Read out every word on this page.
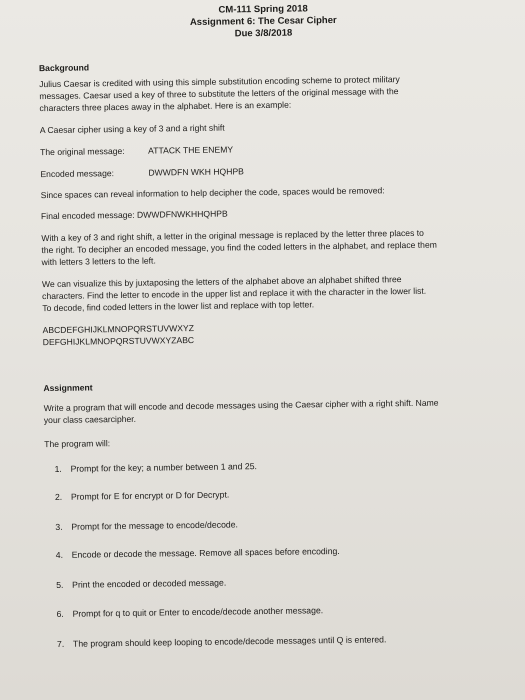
CM-111 Spring 2018
Assignment 6: The Cesar Cipher
Due 3/8/2018
Background
Julius Caesar is credited with using this simple substitution encoding scheme to protect military
messages. Caesar used a key of three to substitute the letters of the original message with the
characters three places away in the alphabet. Here is an example:
A Caesar cipher using a key of 3 and a right shift
The original message:	ATTACK THE ENEMY
Encoded message:	DWWDFN WKH HQHPB
Since spaces can reveal information to help decipher the code, spaces would be removed:
Final encoded message: DWWDFNWKHHQHPB
With a key of 3 and right shift, a letter in the original message is replaced by the letter three places to
the right. To decipher an encoded message, you find the coded letters in the alphabet, and replace them
with letters 3 letters to the left.
We can visualize this by juxtaposing the letters of the alphabet above an alphabet shifted three
characters. Find the letter to encode in the upper list and replace it with the character in the lower list.
To decode, find coded letters in the lower list and replace with top letter.
ABCDEFGHIJKLMNOPQRSTUVWXYZ
DEFGHIJKLMNOPQRSTUVWXYZABC
Assignment
Write a program that will encode and decode messages using the Caesar cipher with a right shift. Name
your class caesarcipher.
The program will:
1. Prompt for the key; a number between 1 and 25.
2. Prompt for E for encrypt or D for Decrypt.
3. Prompt for the message to encode/decode.
4. Encode or decode the message. Remove all spaces before encoding.
5. Print the encoded or decoded message.
6. Prompt for q to quit or Enter to encode/decode another message.
7. The program should keep looping to encode/decode messages until Q is entered.
